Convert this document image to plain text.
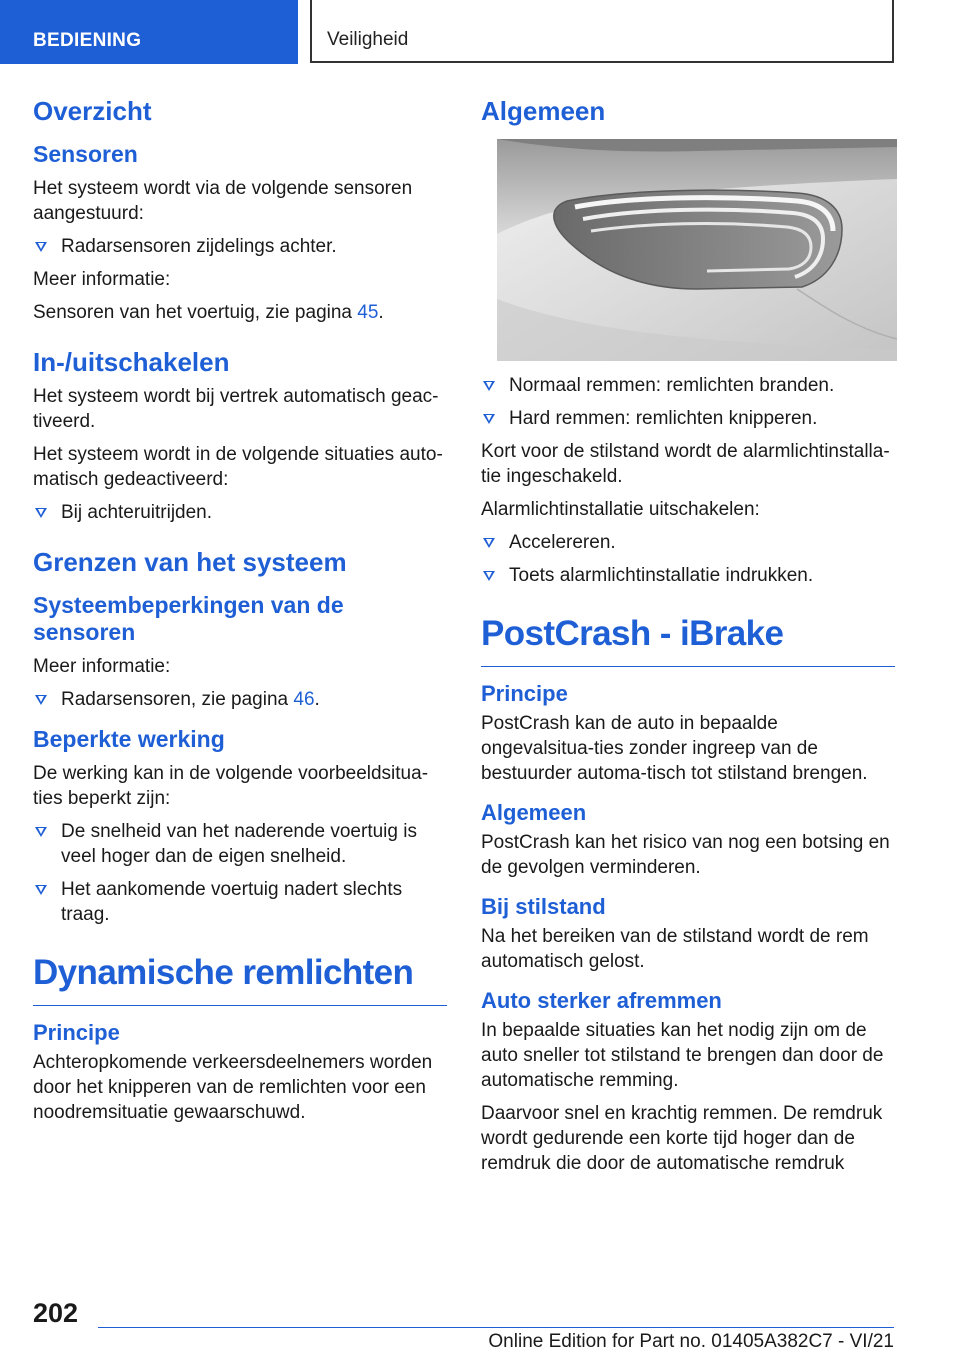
BEDIENING	Veiligheid
Overzicht
Sensoren

Het systeem wordt via de volgende sensoren aangestuurd:

Radarsensoren zijdelings achter.

Meer informatie:

Sensoren van het voertuig, zie pagina 45.

In-/uitschakelen

Het systeem wordt bij vertrek automatisch geac-tiveerd.

Het systeem wordt in de volgende situaties auto-matisch gedeactiveerd:

Bij achteruitrijden.
Grenzen van het systeem
Systeembeperkingen van de sensoren

Meer informatie:

Radarsensoren, zie pagina 46.
Beperkte werking

De werking kan in de volgende voorbeeldsitua-ties beperkt zijn:

De snelheid van het naderende voertuig is veel hoger dan de eigen snelheid.
Het aankomende voertuig nadert slechts traag.
Dynamische remlichten
Principe

Achteropkomende verkeersdeelnemers worden door het knipperen van de remlichten voor een noodremsituatie gewaarschuwd.

Algemeen
Normaal remmen: remlichten branden.
Hard remmen: remlichten knipperen.

Kort voor de stilstand wordt de alarmlichtinstalla-tie ingeschakeld.

Alarmlichtinstallatie uitschakelen:

Accelereren.
Toets alarmlichtinstallatie indrukken.
PostCrash - iBrake
Principe

PostCrash kan de auto in bepaalde ongevalsitua-ties zonder ingreep van de bestuurder automa-tisch tot stilstand brengen.

Algemeen

PostCrash kan het risico van nog een botsing en de gevolgen verminderen.

Bij stilstand

Na het bereiken van de stilstand wordt de rem automatisch gelost.

Auto sterker afremmen

In bepaalde situaties kan het nodig zijn om de auto sneller tot stilstand te brengen dan door de automatische remming.

Daarvoor snel en krachtig remmen. De remdruk wordt gedurende een korte tijd hoger dan de remdruk die door de automatische remdruk

202
Online Edition for Part no. 01405A382C7 - VI/21
